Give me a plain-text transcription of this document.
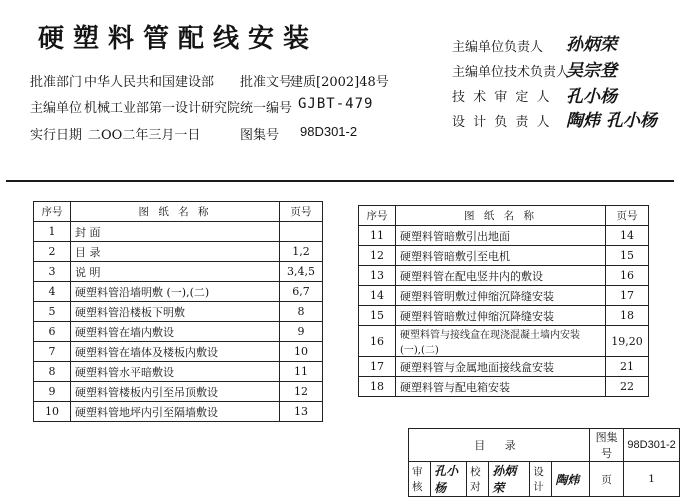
硬塑料管配线安装
批准部门 中华人民共和国建设部 批准文号
建质[2002]48号
主编单位 机械工业部第一设计研究院 统一编号 GJBT-479
实行日期 二OO二年三月一日	图集号 98D301-2
主编单位负责人 孙炳荣
主编单位技术负责人
吴宗登
技 术 审 定 人 孔小杨
设 计 负 责 人 陶炜 孔小杨
序号	图 纸 名 称	页号
1	封 面	
2	目 录	1,2
3	说 明	3,4,5
4	硬塑料管沿墙明敷 (一),(二)	6,7
5	硬塑料管沿楼板下明敷	8
6	硬塑料管在墙内敷设	9
7	硬塑料管在墙体及楼板内敷设	10
8	硬塑料管水平暗敷设	11
9	硬塑料管楼板内引至吊顶敷设	12
10	硬塑料管地坪内引至隔墙敷设	13
序号	图 纸 名 称	页号
11	硬塑料管暗敷引出地面	14
12	硬塑料管暗敷引至电机	15
13	硬塑料管在配电竖井内的敷设	16
14	硬塑料管明敷过伸缩沉降缝安装	17
15	硬塑料管暗敷过伸缩沉降缝安装	18
16	硬塑料管与接线盒在现浇混凝土墙内安装 (一),(二)	19,20
17	硬塑料管与金属地面接线盒安装	21
18	硬塑料管与配电箱安装	22
目 录						图集号	98D301-2
审核	孔小杨	校对	孙炳荣	设计	陶炜	页	1
